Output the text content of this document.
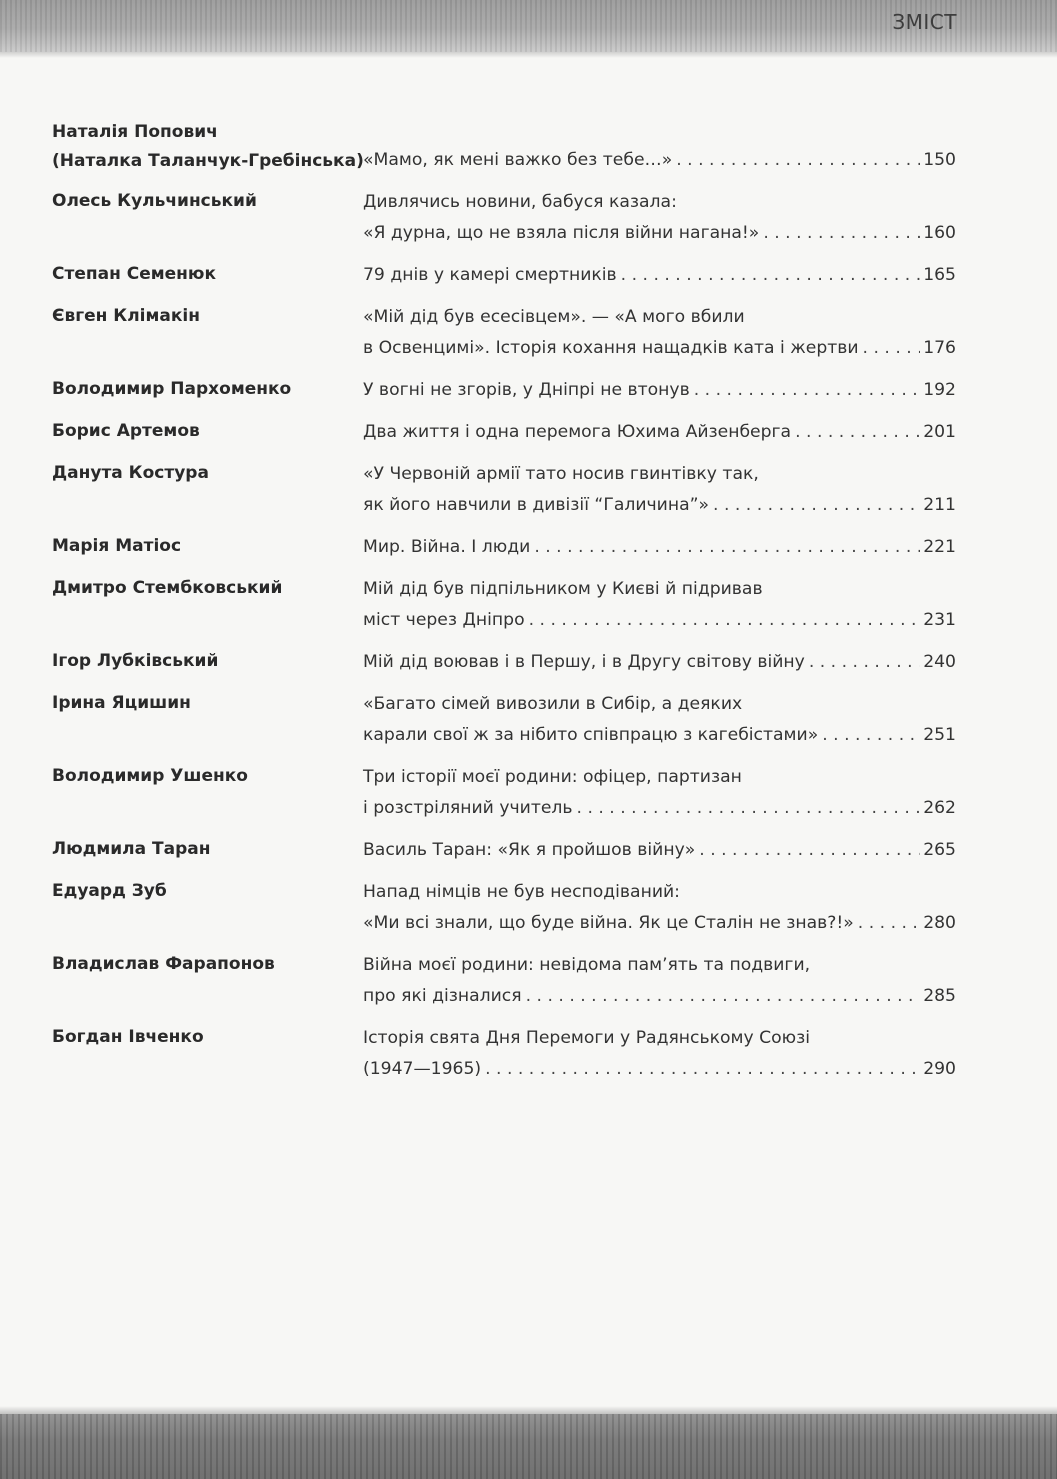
ЗМІСТ
Наталія Попович
(Наталка Таланчук-Гребінська) «Мамо, як мені важко без тебе…» . . .	150
Олесь Кульчинський	Дивлячись новини, бабуся казала:
«Я дурна, що не взяла після війни нагана!» . . .	160
Степан Семенюк	79 днів у камері смертників . . .	165
Євген Клімакін	«Мій дід був есесівцем». — «А мого вбили
в Освенцимі». Історія кохання нащадків ката і жертви . . .	176
Володимир Пархоменко	У вогні не згорів, у Дніпрі не втонув . . .	192
Борис Артемов	Два життя і одна перемога Юхима Айзенберга . . .	201
Данута Костура	«У Червоній армії тато носив гвинтівку так,
як його навчили в дивізії “Галичина”» . . .	211
Марія Матіос	Мир. Війна. І люди . . .	221
Дмитро Стембковський	Мій дід був підпільником у Києві й підривав
міст через Дніпро . . .	231
Ігор Лубківський	Мій дід воював і в Першу, і в Другу світову війну . . .	240
Ірина Яцишин	«Багато сімей вивозили в Сибір, а деяких
карали свої ж за нібито співпрацю з кагебістами» . . .	251
Володимир Ушенко	Три історії моєї родини: офіцер, партизан
і розстріляний учитель . . .	262
Людмила Таран	Василь Таран: «Як я пройшов війну» . . .	265
Едуард Зуб	Напад німців не був несподіваний:
«Ми всі знали, що буде війна. Як це Сталін не знав?!» . . .	280
Владислав Фарапонов	Війна моєї родини: невідома пам’ять та подвиги,
про які дізналися . . .	285
Богдан Івченко	Історія свята Дня Перемоги у Радянському Союзі
(1947—1965) . . .	290
